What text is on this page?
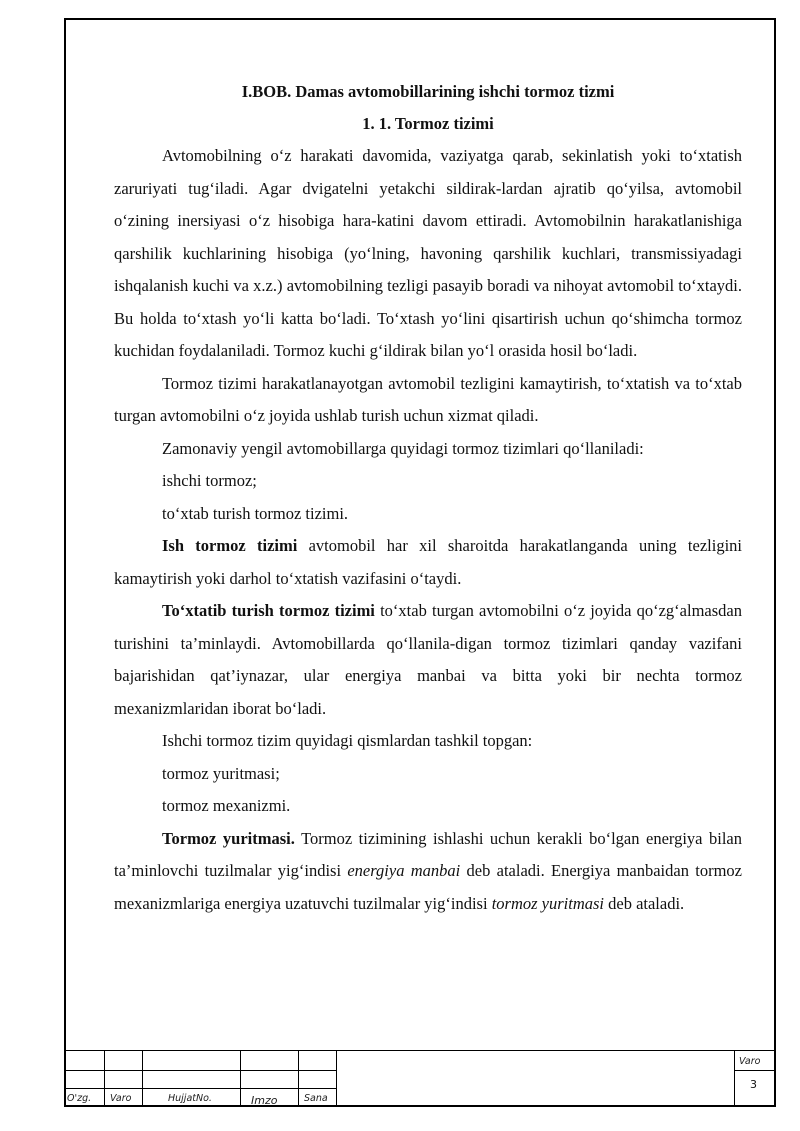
I.BOB. Damas avtomobillarining ishchi tormoz tizmi
1. 1. Tormoz tizimi

Avtomobilning o‘z harakati davomida, vaziyatga qarab, sekinlatish yoki to‘xtatish zaruriyati tug‘iladi. Agar dvigatelni yetakchi sildirak-lardan ajratib qo‘yilsa, avtomobil o‘zining inersiyasi o‘z hisobiga hara-katini davom ettiradi. Avtomobilnin harakatlanishiga qarshilik kuchlarining hisobiga (yo‘lning, havoning qarshilik kuchlari, transmissiyadagi ishqalanish kuchi va x.z.) avtomobilning tezligi pasayib boradi va nihoyat avtomobil to‘xtaydi. Bu holda to‘xtash yo‘li katta bo‘ladi. To‘xtash yo‘lini qisartirish uchun qo‘shimcha tormoz kuchidan foydalaniladi. Tormoz kuchi g‘ildirak bilan yo‘l orasida hosil bo‘ladi.

Tormoz tizimi harakatlanayotgan avtomobil tezligini kamaytirish, to‘xtatish va to‘xtab turgan avtomobilni o‘z joyida ushlab turish uchun xizmat qiladi.

Zamonaviy yengil avtomobillarga quyidagi tormoz tizimlari qo‘llaniladi:

ishchi tormoz;

to‘xtab turish tormoz tizimi.

Ish tormoz tizimi avtomobil har xil sharoitda harakatlanganda uning tezligini kamaytirish yoki darhol to‘xtatish vazifasini o‘taydi.

To‘xtatib turish tormoz tizimi to‘xtab turgan avtomobilni o‘z joyida qo‘zg‘almasdan turishini ta’minlaydi. Avtomobillarda qo‘llanila-digan tormoz tizimlari qanday vazifani bajarishidan qat’iynazar, ular energiya manbai va bitta yoki bir nechta tormoz mexanizmlaridan iborat bo‘ladi.

Ishchi tormoz tizim quyidagi qismlardan tashkil topgan:

tormoz yuritmasi;

tormoz mexanizmi.

Tormoz yuritmasi. Tormoz tizimining ishlashi uchun kerakli bo‘lgan energiya bilan ta’minlovchi tuzilmalar yig‘indisi energiya manbai deb ataladi. Energiya manbaidan tormoz mexanizmlariga energiya uzatuvchi tuzilmalar yig‘indisi tormoz yuritmasi deb ataladi.

O'zg. Varo	HujjatNo.	Imzo	Sana
Varo
3
